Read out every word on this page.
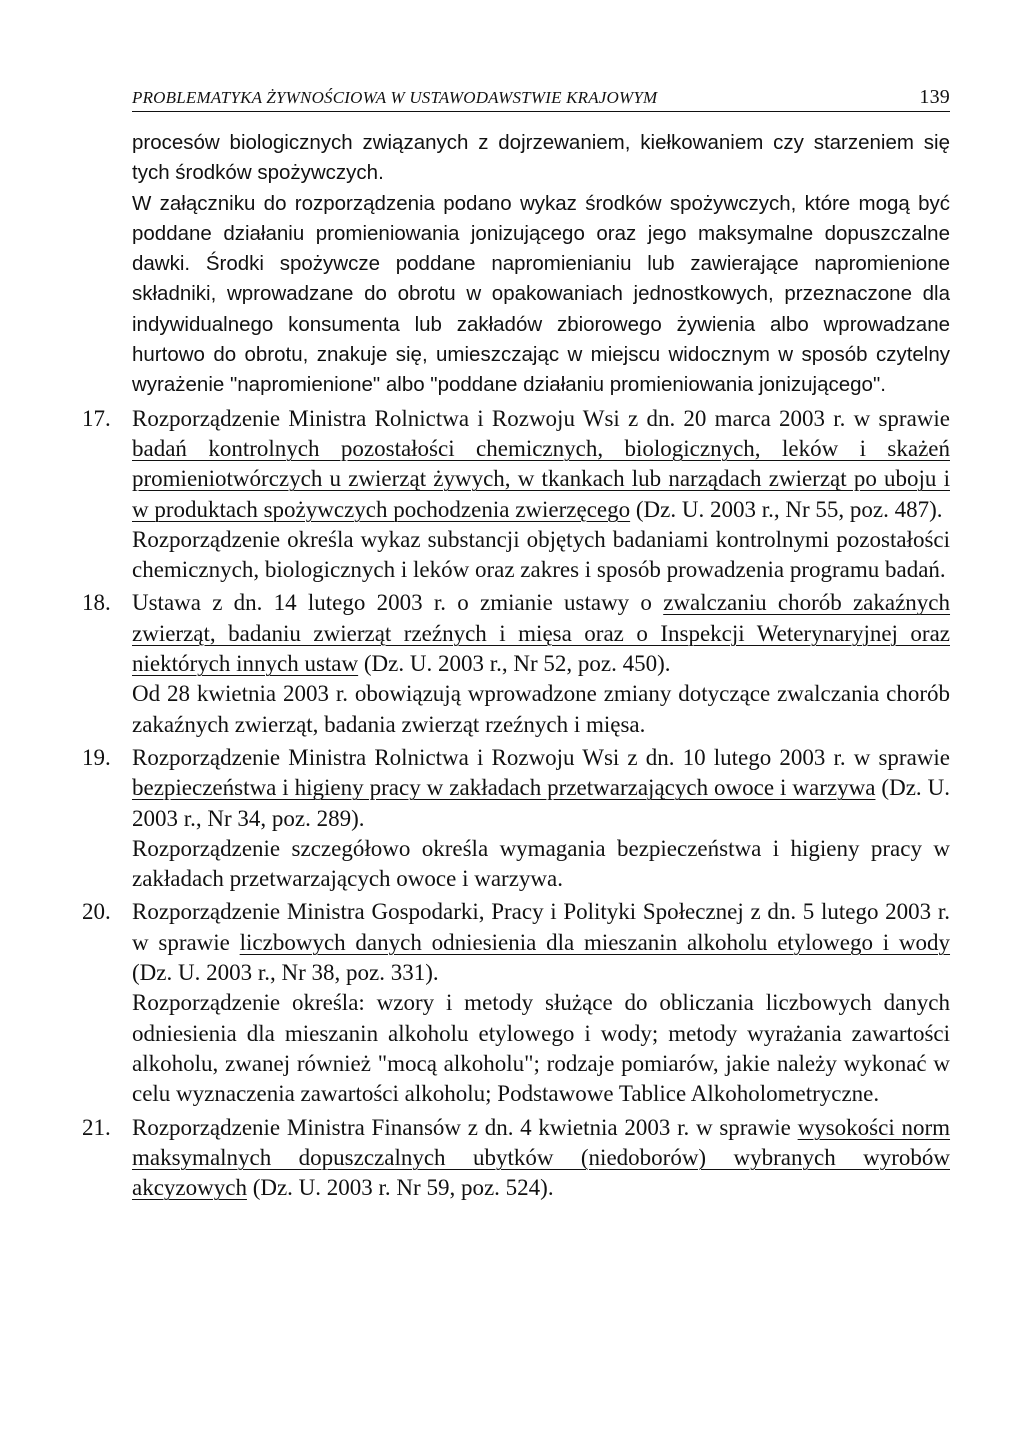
PROBLEMATYKA ŻYWNOŚCIOWA W USTAWODAWSTWIE KRAJOWYM	139

procesów biologicznych związanych z dojrzewaniem, kiełkowaniem czy starzeniem się tych środków spożywczych.

W załączniku do rozporządzenia podano wykaz środków spożywczych, które mogą być poddane działaniu promieniowania jonizującego oraz jego maksymalne dopuszczalne dawki. Środki spożywcze poddane napromienianiu lub zawierające napromienione składniki, wprowadzane do obrotu w opakowaniach jednostkowych, przeznaczone dla indywidualnego konsumenta lub zakładów zbiorowego żywienia albo wprowadzane hurtowo do obrotu, znakuje się, umieszczając w miejscu widocznym w sposób czytelny wyrażenie "napromienione" albo "poddane działaniu promieniowania jonizującego".

17. Rozporządzenie Ministra Rolnictwa i Rozwoju Wsi z dn. 20 marca 2003 r. w sprawie badań kontrolnych pozostałości chemicznych, biologicznych, leków i skażeń promieniotwórczych u zwierząt żywych, w tkankach lub narządach zwierząt po uboju i w produktach spożywczych pochodzenia zwierzęcego (Dz. U. 2003 r., Nr 55, poz. 487).

Rozporządzenie określa wykaz substancji objętych badaniami kontrolnymi pozostałości chemicznych, biologicznych i leków oraz zakres i sposób prowadzenia programu badań.

18. Ustawa z dn. 14 lutego 2003 r. o zmianie ustawy o zwalczaniu chorób zakaźnych zwierząt, badaniu zwierząt rzeźnych i mięsa oraz o Inspekcji Weterynaryjnej oraz niektórych innych ustaw (Dz. U. 2003 r., Nr 52, poz. 450).

Od 28 kwietnia 2003 r. obowiązują wprowadzone zmiany dotyczące zwalczania chorób zakaźnych zwierząt, badania zwierząt rzeźnych i mięsa.

19. Rozporządzenie Ministra Rolnictwa i Rozwoju Wsi z dn. 10 lutego 2003 r. w sprawie bezpieczeństwa i higieny pracy w zakładach przetwarzających owoce i warzywa (Dz. U. 2003 r., Nr 34, poz. 289).

Rozporządzenie szczegółowo określa wymagania bezpieczeństwa i higieny pracy w zakładach przetwarzających owoce i warzywa.

20. Rozporządzenie Ministra Gospodarki, Pracy i Polityki Społecznej z dn. 5 lutego 2003 r. w sprawie liczbowych danych odniesienia dla mieszanin alkoholu etylowego i wody (Dz. U. 2003 r., Nr 38, poz. 331).

Rozporządzenie określa: wzory i metody służące do obliczania liczbowych danych odniesienia dla mieszanin alkoholu etylowego i wody; metody wyrażania zawartości alkoholu, zwanej również "mocą alkoholu"; rodzaje pomiarów, jakie należy wykonać w celu wyznaczenia zawartości alkoholu; Podstawowe Tablice Alkoholometryczne.

21. Rozporządzenie Ministra Finansów z dn. 4 kwietnia 2003 r. w sprawie wysokości norm maksymalnych dopuszczalnych ubytków (niedoborów) wybranych wyrobów akcyzowych (Dz. U. 2003 r. Nr 59, poz. 524).
